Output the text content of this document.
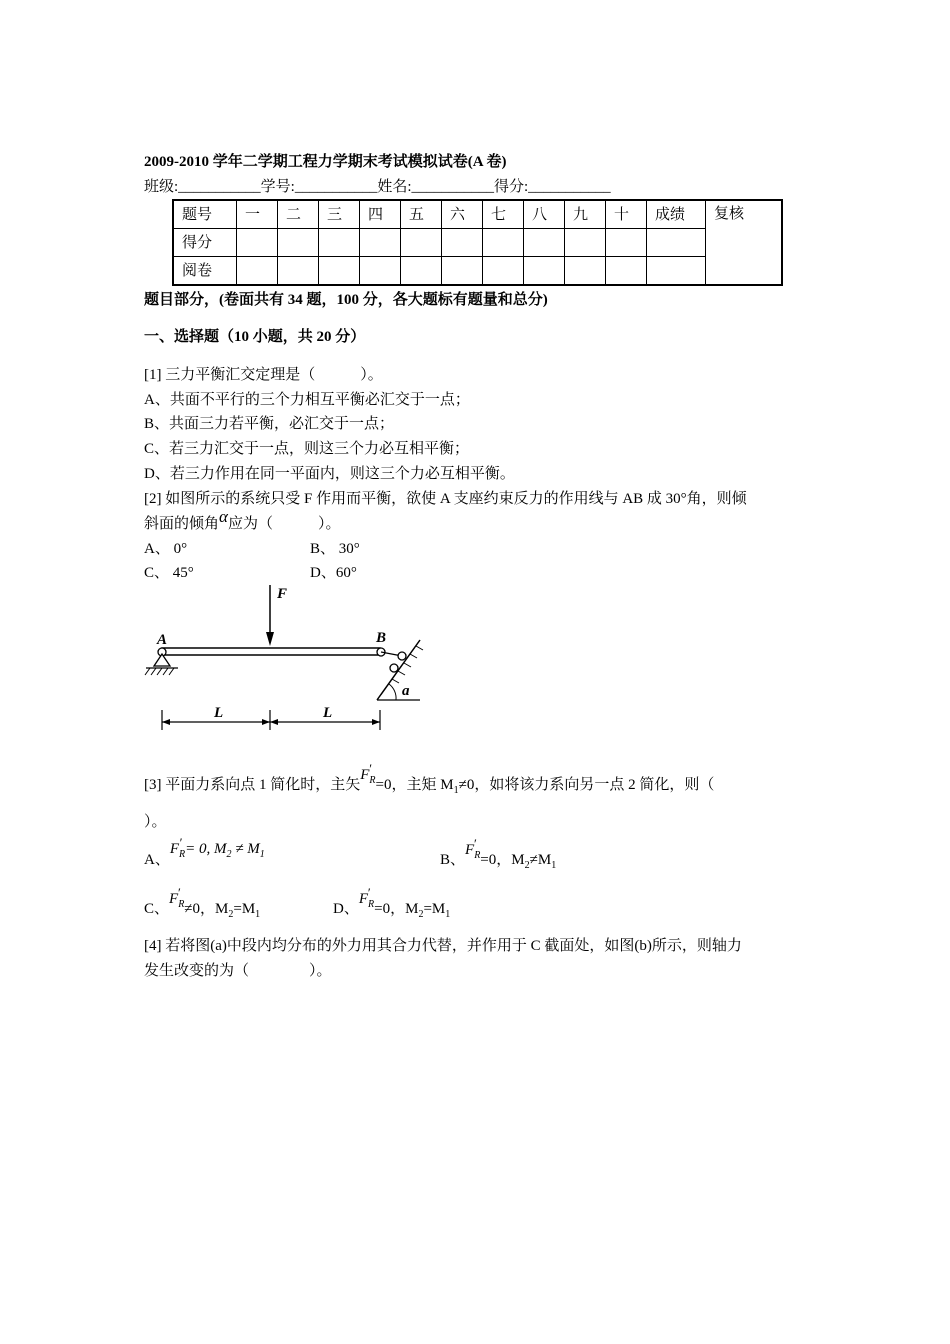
2009-2010 学年二学期工程力学期末考试模拟试卷(A 卷)
班级:___________学号:___________姓名:___________得分:___________
题号	一	二	三	四	五	六	七	八	九	十	成绩	复核
得分												
阅卷												
题目部分，(卷面共有 34 题，100 分，各大题标有题量和总分)
一、选择题（10 小题，共 20 分）
[1] 三力平衡汇交定理是（　　　）。
A、共面不平行的三个力相互平衡必汇交于一点；
B、共面三力若平衡，必汇交于一点；
C、若三力汇交于一点，则这三个力必互相平衡；
D、若三力作用在同一平面内，则这三个力必互相平衡。
[2] 如图所示的系统只受 F 作用而平衡，欲使 A 支座约束反力的作用线与 AB 成 30°角，则倾
斜面的倾角α应为（　　　）。
A、 0°	B、 30°
C、 45°	D、60°
F
A	B
a
L	L
[3] 平面力系向点 1 简化时，主矢$F_R$
′
=0，主矩 $M_1\ne 0$，如将该力系向另一点 2 简化，则（
）。
A、$F_R$
′ = 0, $M_2 \ne M_1$	B、$F_R$
′
=0，$M_2\ne M_1$
C、$F_R$
′
≠0，$M_2=M_1$	D、$F_R$
′
=0，$M_2=M_1$
[4] 若将图(a)中段内均分布的外力用其合力代替，并作用于 C 截面处，如图(b)所示，则轴力
发生改变的为（　　　　）。
